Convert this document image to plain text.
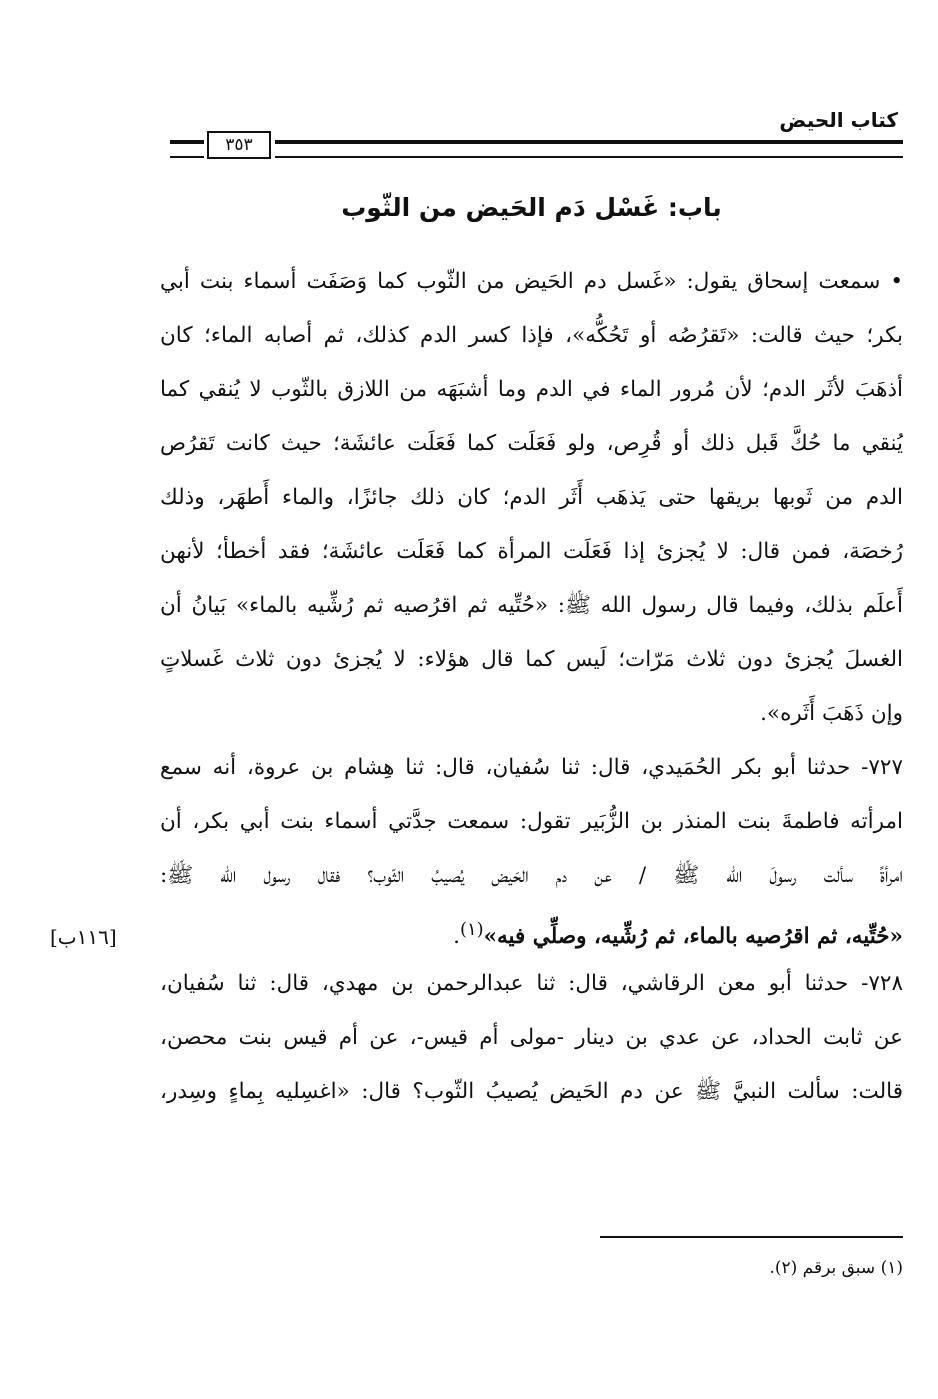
كتاب الحيض
٣٥٣
باب: غَسْل دَم الحَيض من الثّوب

• سمعت إسحاق يقول: «غَسل دم الحَيض من الثّوب كما وَصَفَت أسماء بنت أبي
بكر؛ حيث قالت: «تَقرُصُه أو تَحُكُّه»، فإذا كسر الدم كذلك، ثم أصابه الماء؛ كان
أذهَبَ لأثَر الدم؛ لأن مُرور الماء في الدم وما أشبَهَه من اللازق بالثّوب لا يُنقي كما
يُنقي ما حُكَّ قَبل ذلك أو قُرِص، ولو فَعَلَت كما فَعَلَت عائشَة؛ حيث كانت تَقرُص
الدم من ثَوبها بريقها حتى يَذهَب أَثَر الدم؛ كان ذلك جائزًا، والماء أَطهَر، وذلك
رُخصَة، فمن قال: لا يُجزئ إذا فَعَلَت المرأة كما فَعَلَت عائشَة؛ فقد أخطأ؛ لأنهن
أَعلَم بذلك، وفيما قال رسول الله ﷺ: «حُتِّيه ثم اقرُصيه ثم رُشِّيه بالماء» بَيانُ أن
الغسلَ يُجزئ دون ثلاث مَرّات؛ لَيس كما قال هؤلاء: لا يُجزئ دون ثلاث غَسلاتٍ
وإن ذَهَبَ أَثَره».

٧٢٧- حدثنا أبو بكر الحُمَيدي، قال: ثنا سُفيان، قال: ثنا هِشام بن عروة، أنه سمع
امرأته فاطمةَ بنت المنذر بن الزُّبَير تقول: سمعت جدَّتي أسماء بنت أبي بكر، أن
امرأةً سألت رسولَ الله ﷺ / عن دم الحَيض يُصيبُ الثّوب؟ فقال رسول الله ﷺ:
«حُتِّيه، ثم اقرُصيه بالماء، ثم رُشِّيه، وصلِّي فيه»$^{(١)}$.

٧٢٨- حدثنا أبو معن الرقاشي، قال: ثنا عبدالرحمن بن مهدي، قال: ثنا سُفيان،
عن ثابت الحداد، عن عدي بن دينار -مولى أم قيس-، عن أم قيس بنت محصن،
قالت: سألت النبيَّ ﷺ عن دم الحَيض يُصيبُ الثّوب؟ قال: «اغسِليه بِماءٍ وسِدر،

[١١٦ب]
(١) سبق برقم (٢).
